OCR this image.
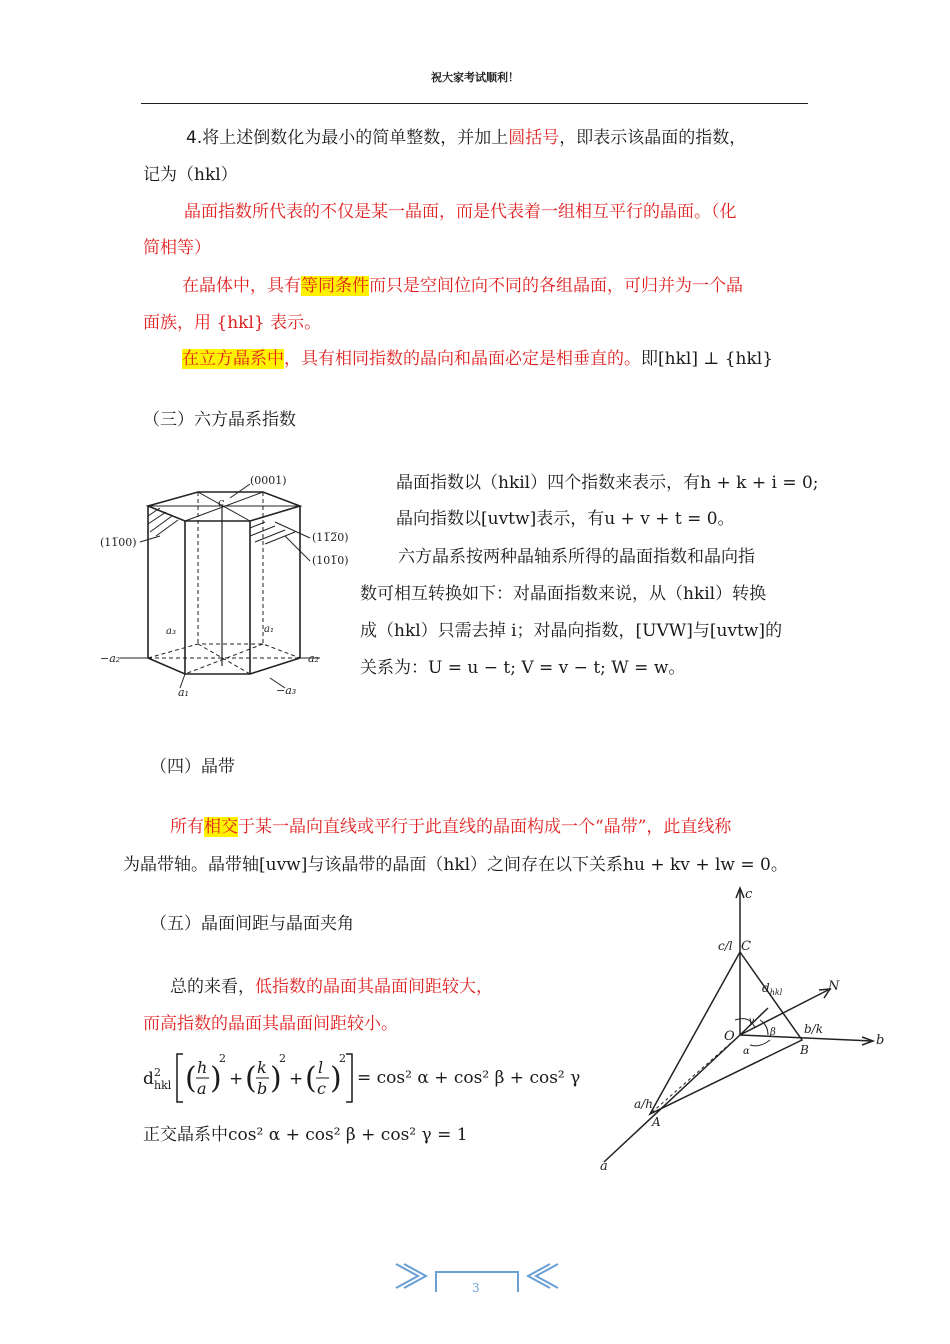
祝大家考试顺利！
4.将上述倒数化为最小的简单整数，并加上圆括号，即表示该晶面的指数，
记为（hkl）
晶面指数所代表的不仅是某一晶面，而是代表着一组相互平行的晶面。（化
简相等）
在晶体中，具有等同条件而只是空间位向不同的各组晶面，可归并为一个晶
面族，用 {hkl} 表示。
在立方晶系中，具有相同指数的晶向和晶面必定是相垂直的。即[hkl] ⊥ {hkl}
（三）六方晶系指数
(0001)
(11̅2̅0)
(101̅0)
(11̅00)
c
a₃	a₁
−a₂	a₂
a₁	−a₃
晶面指数以（hkil）四个指数来表示，有h + k + i = 0;
晶向指数以[uvtw]表示，有u + v + t = 0。
六方晶系按两种晶轴系所得的晶面指数和晶向指
数可相互转换如下：对晶面指数来说，从（hkil）转换
成（hkl）只需去掉 i；对晶向指数，[UVW]与[uvtw]的
关系为：U = u − t; V = v − t; W = w。
（四）晶带
所有相交于某一晶向直线或平行于此直线的晶面构成一个“晶带”，此直线称
为晶带轴。晶带轴[uvw]与该晶带的晶面（hkl）之间存在以下关系hu + kv + lw = 0。
（五）晶面间距与晶面夹角
总的来看，低指数的晶面其晶面间距较大，
而高指数的晶面其晶面间距较小。
d 2
hkl ( h
a )
2
+ ( k
b )
2
+ ( l
c )
2
= cos² α + cos² β + cos² γ
正交晶系中cos² α + cos² β + cos² γ = 1
c
c/l C
$d_{hkl}$	N
b/k
b
B
O
a/h
A
a
α
β
γ
3
